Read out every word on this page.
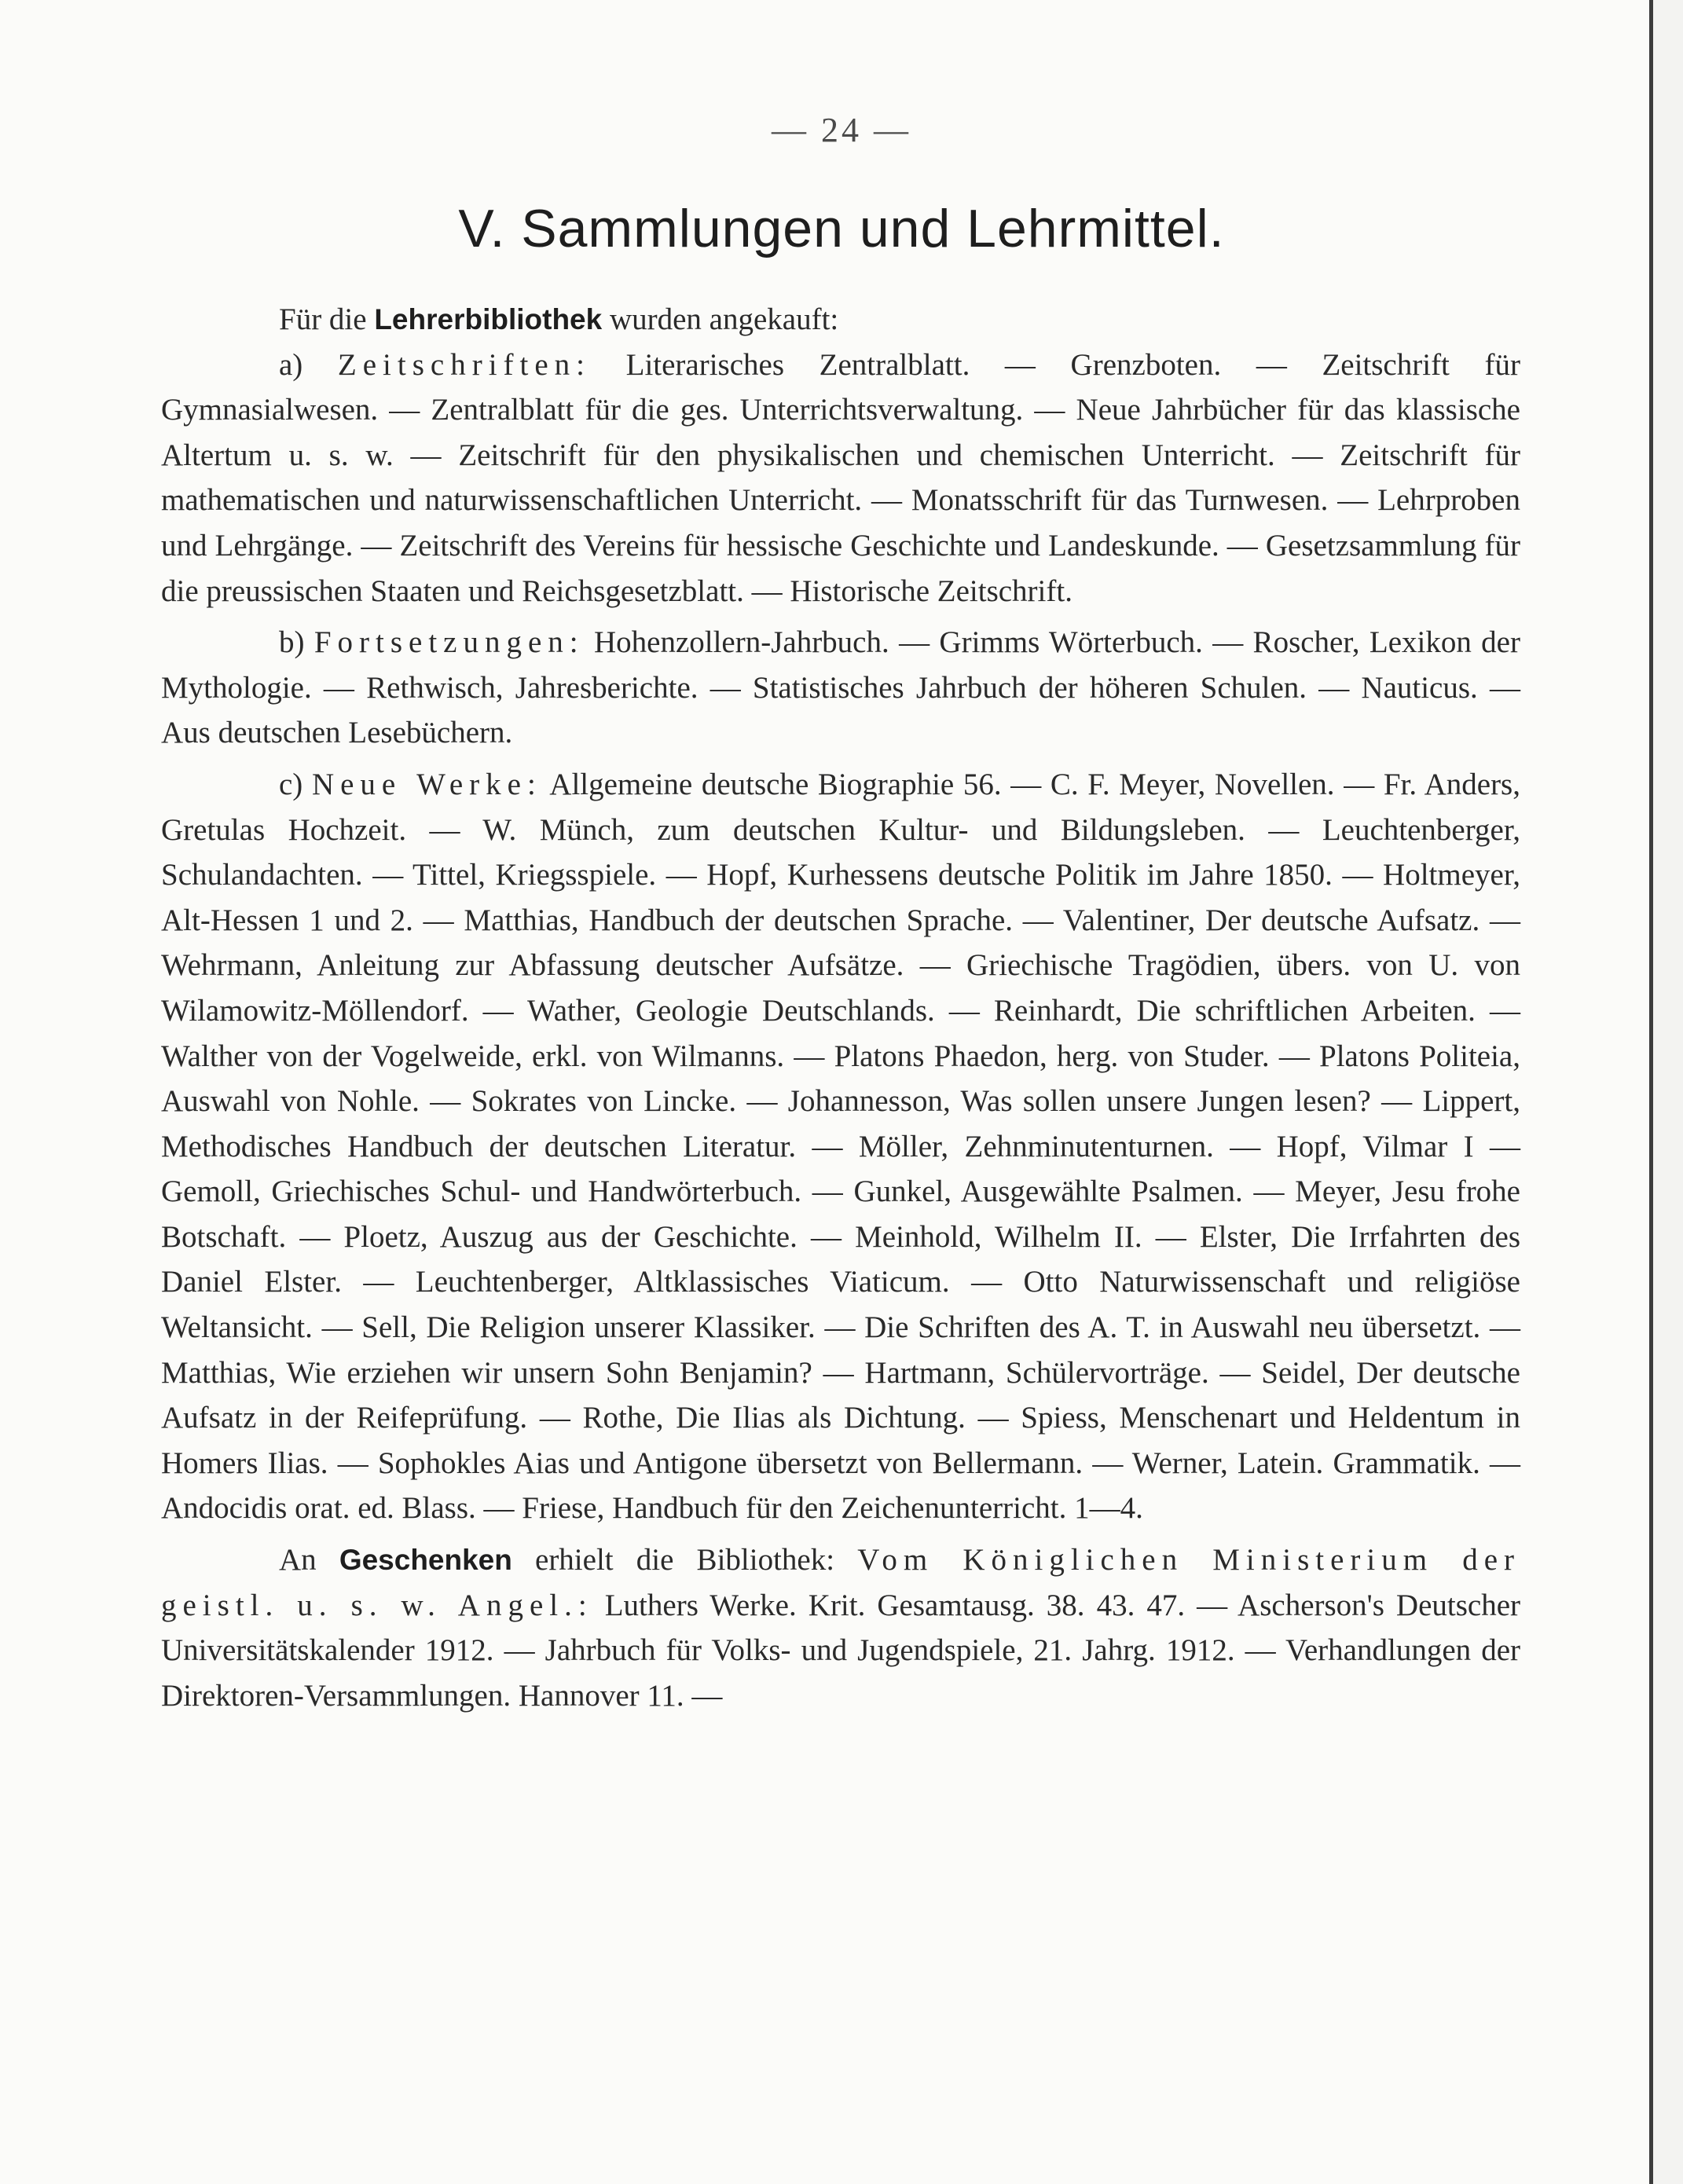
— 24 —
V. Sammlungen und Lehrmittel.

Für die Lehrerbibliothek wurden angekauft:

a) Zeitschriften: Literarisches Zentralblatt. — Grenzboten. — Zeitschrift für Gymnasialwesen. — Zentralblatt für die ges. Unterrichtsverwaltung. — Neue Jahrbücher für das klassische Altertum u. s. w. — Zeitschrift für den physikalischen und chemischen Unterricht. — Zeitschrift für mathematischen und naturwissenschaftlichen Unterricht. — Monatsschrift für das Turnwesen. — Lehrproben und Lehrgänge. — Zeitschrift des Vereins für hessische Geschichte und Landeskunde. — Gesetzsammlung für die preussischen Staaten und Reichsgesetzblatt. — Historische Zeitschrift.

b) Fortsetzungen: Hohenzollern-Jahrbuch. — Grimms Wörterbuch. — Roscher, Lexikon der Mythologie. — Rethwisch, Jahresberichte. — Statistisches Jahrbuch der höheren Schulen. — Nauticus. — Aus deutschen Lesebüchern.

c) Neue Werke: Allgemeine deutsche Biographie 56. — C. F. Meyer, Novellen. — Fr. Anders, Gretulas Hochzeit. — W. Münch, zum deutschen Kultur- und Bildungsleben. — Leuchtenberger, Schulandachten. — Tittel, Kriegsspiele. — Hopf, Kurhessens deutsche Politik im Jahre 1850. — Holtmeyer, Alt-Hessen 1 und 2. — Matthias, Handbuch der deutschen Sprache. — Valentiner, Der deutsche Aufsatz. — Wehrmann, Anleitung zur Abfassung deutscher Aufsätze. — Griechische Tragödien, übers. von U. von Wilamowitz-Möllendorf. — Wather, Geologie Deutschlands. — Reinhardt, Die schriftlichen Arbeiten. — Walther von der Vogelweide, erkl. von Wilmanns. — Platons Phaedon, herg. von Studer. — Platons Politeia, Auswahl von Nohle. — Sokrates von Lincke. — Johannesson, Was sollen unsere Jungen lesen? — Lippert, Methodisches Handbuch der deutschen Literatur. — Möller, Zehnminutenturnen. — Hopf, Vilmar I — Gemoll, Griechisches Schul- und Handwörterbuch. — Gunkel, Ausgewählte Psalmen. — Meyer, Jesu frohe Botschaft. — Ploetz, Auszug aus der Geschichte. — Meinhold, Wilhelm II. — Elster, Die Irrfahrten des Daniel Elster. — Leuchtenberger, Altklassisches Viaticum. — Otto Naturwissenschaft und religiöse Weltansicht. — Sell, Die Religion unserer Klassiker. — Die Schriften des A. T. in Auswahl neu übersetzt. — Matthias, Wie erziehen wir unsern Sohn Benjamin? — Hartmann, Schülervorträge. — Seidel, Der deutsche Aufsatz in der Reifeprüfung. — Rothe, Die Ilias als Dichtung. — Spiess, Menschenart und Heldentum in Homers Ilias. — Sophokles Aias und Antigone übersetzt von Bellermann. — Werner, Latein. Grammatik. — Andocidis orat. ed. Blass. — Friese, Handbuch für den Zeichenunterricht. 1—4.

An Geschenken erhielt die Bibliothek: Vom Königlichen Ministerium der geistl. u. s. w. Angel.: Luthers Werke. Krit. Gesamtausg. 38. 43. 47. — Ascherson's Deutscher Universitätskalender 1912. — Jahrbuch für Volks- und Jugendspiele, 21. Jahrg. 1912. — Verhandlungen der Direktoren-Versammlungen. Hannover 11. —
